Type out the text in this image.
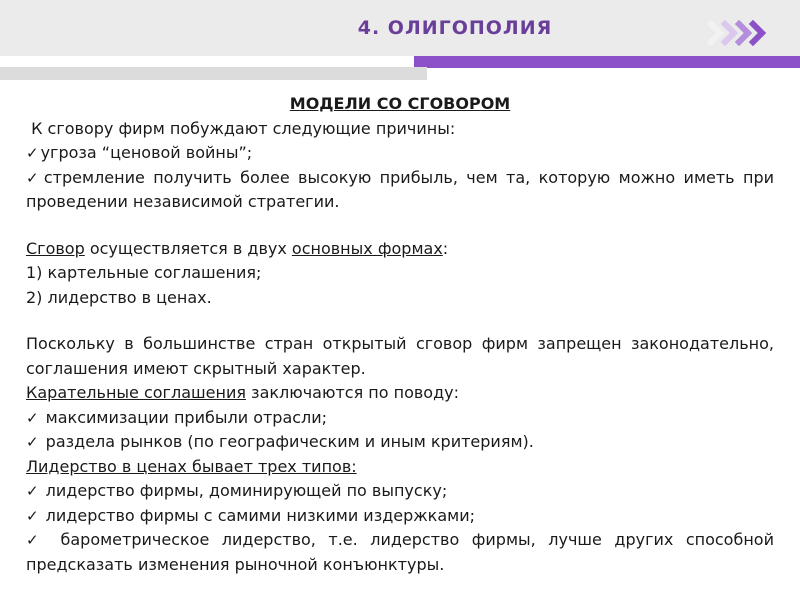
4. ОЛИГОПОЛИЯ

МОДЕЛИ СО СГОВОРОМ

К сговору фирм побуждают следующие причины:

✓ угроза “ценовой войны”;

✓ стремление получить более высокую прибыль, чем та, которую можно иметь при проведении независимой стратегии.

Сговор осуществляется в двух основных формах:

1) картельные соглашения;

2) лидерство в ценах.

Поскольку в большинстве стран открытый сговор фирм запрещен законодательно, соглашения имеют скрытный характер.

Карательные соглашения заключаются по поводу:

✓ максимизации прибыли отрасли;

✓ раздела рынков (по географическим и иным критериям).

Лидерство в ценах бывает трех типов:

✓ лидерство фирмы, доминирующей по выпуску;

✓ лидерство фирмы с самими низкими издержками;

✓ барометрическое лидерство, т.е. лидерство фирмы, лучше других способной предсказать изменения рыночной конъюнктуры.
